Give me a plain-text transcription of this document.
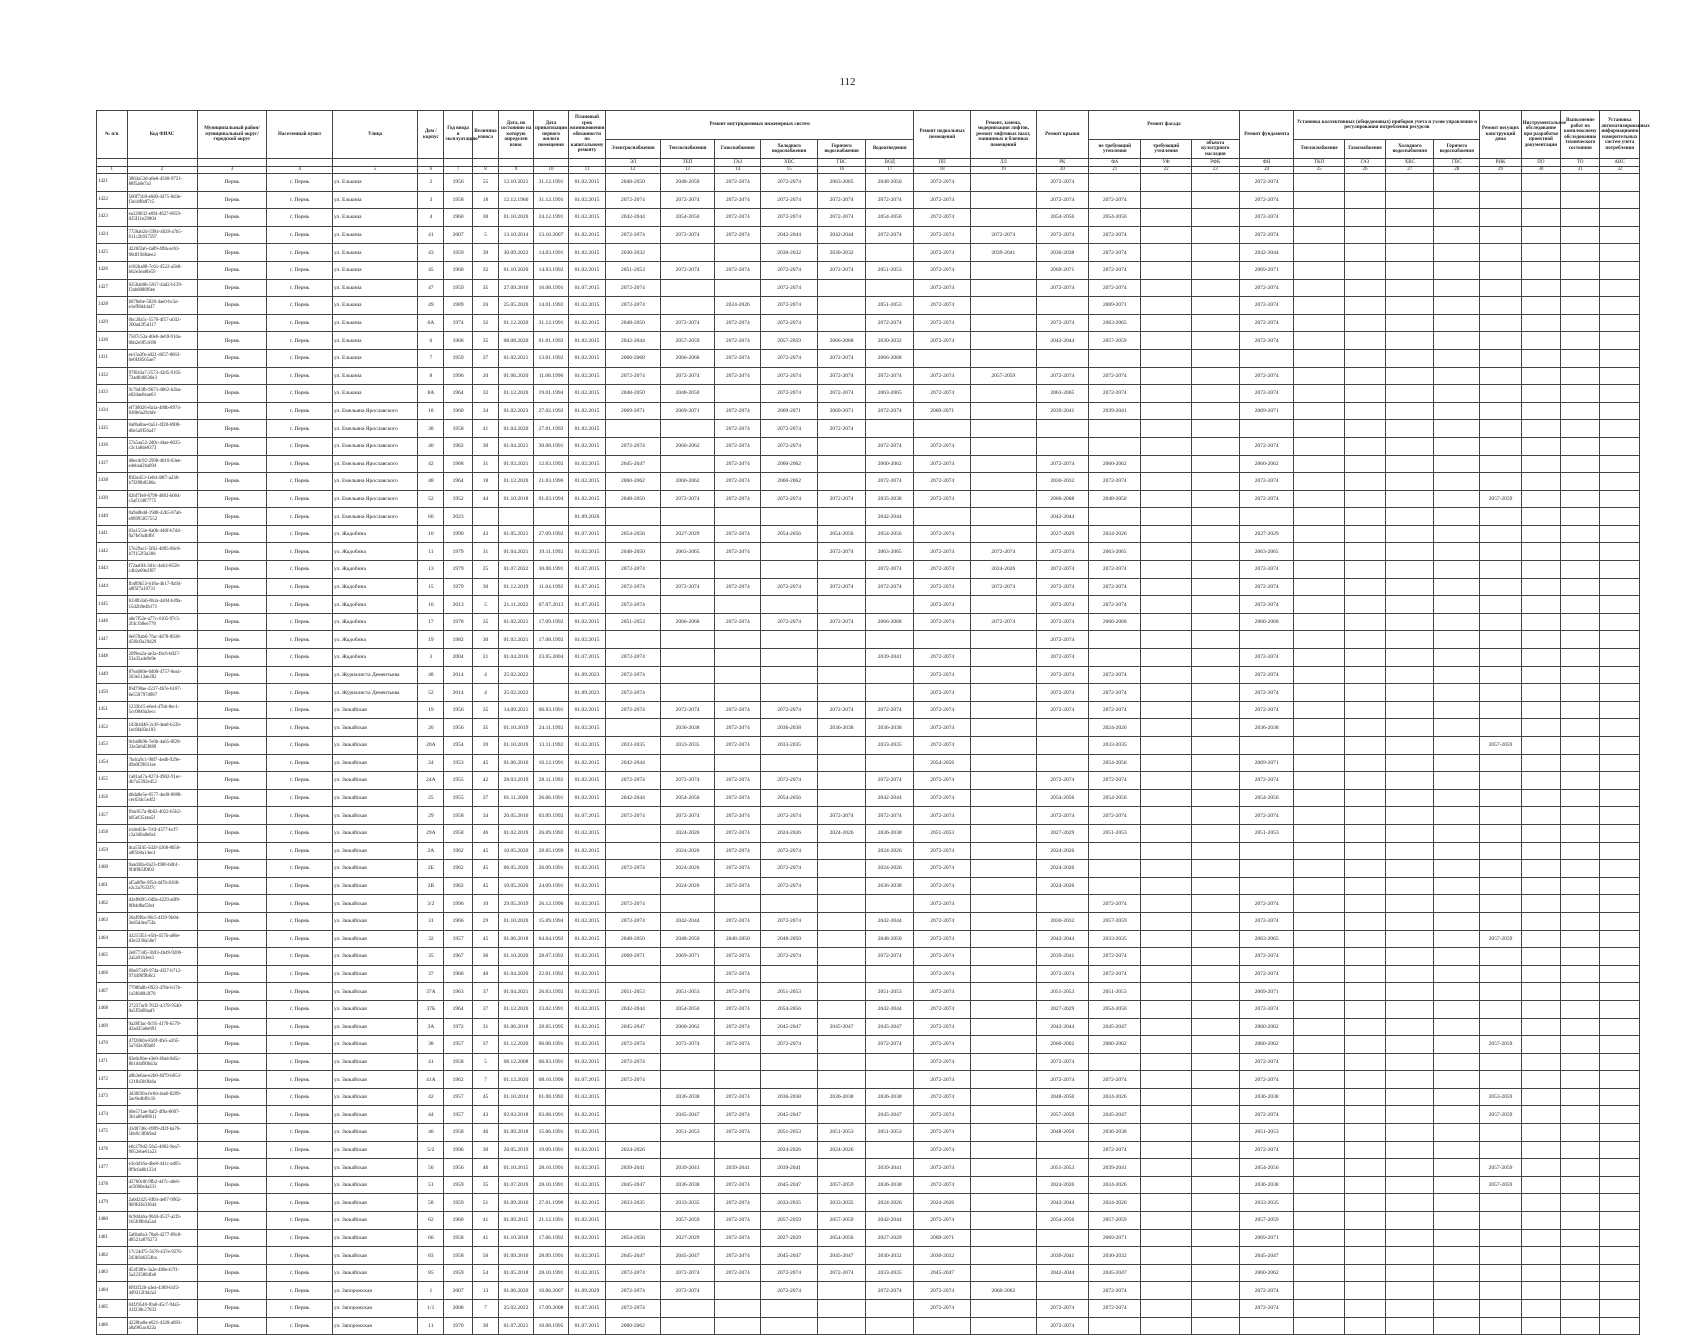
112
№ п/п	Код ФИАС	Муниципальный район/муниципальный округ/городской округ	Населенный пункт	Улица	Дом / корпус	Год ввода в эксплуатацию	Величина износа	Дата, по состоянию на которую определен износ	Дата приватизации первого жилого помещения	Плановый срок возникновения обязанности по капитальному ремонту	Ремонт внутридомовых инженерных систем						Ремонт подвальных помещений	Ремонт, замена, модернизация лифтов, ремонт лифтовых шахт, машинных и блочных помещений	Ремонт крыши	Ремонт фасада			Ремонт фундамента	Установка коллективных (общедомовых) приборов учета и узлов управления и регулирования потребления ресурсов				Ремонт несущих конструкций дома	Инструментальное обследование при разработке проектной документации	Выполнение работ по комплексному обследованию технического состояния	Установка автоматизированных информационно-измерительных систем учета потребления
											Электроснабжения	Теплоснабжения	Газоснабжения	Холодного водоснабжения	Горячего водоснабжения	Водоотведения				не требующий утепления	требующий утепления	объекта культурного наследия		Теплоснабжение	Газоснабжение	Холодного водоснабжения	Горячего водоснабжения				
											ЭЛ	ТЕП	ГАЗ	ХВС	ГВС	ВОД	ПП	ЛЛ	РК	ФА	УФ	РФК	ФН	ТКП	ГАЗ	ХВС	ГВС	РНК	ПО	ТО	АИС
1	2	3	4	5	6	7	8	9	10	11	12	13	14	15	16	17	18	19	20	21	22	23	24	25	26	27	28	29	30	31	32
1421	3864a53d-a8e6-4568-9721-88f5a8e7a3	Пермь	г. Пермь	ул. Елькина	2	1956	55	12.10.2021	31.12.1991	01.02.2015	2048-2050	2048-2050	2072-2074	2072-2074	2063-2065	2048-2050	2072-2074		2072-2074				2072-2074								
1422	560f71b0-e6d0-4475-8d3e-f3e1df0df7c5	Пермь	г. Пермь	ул. Елькина	3	1958	18	12.12.1960	31.12.1991	01.02.2015	2072-2074	2072-2074	2072-2074	2072-2074	2072-2074	2072-2074	2072-2074		2072-2074	2072-2074			2072-2074								
1423	ea120032-e8f4-4627-8659-025f11e29004	Пермь	г. Пермь	ул. Елькина	4	1960	30	01.10.2020	24.12.1991	01.02.2015	2042-2044	2054-2056	2072-2074	2072-2074	2072-2074	2054-2056	2072-2074		2054-2056	2054-2056			2072-2074								
1424	7726ab2d-5994-4028-a7b5-611c2b937597	Пермь	г. Пермь	ул. Елькина	41	2007	5	13.10.2014	13.10.2007	01.02.2015	2072-2074	2072-2074	2072-2074	2042-2044	2042-2044	2072-2074	2072-2074	2072-2074	2072-2074	2072-2074			2072-2074								
1425	4226f2a6-4a89-4f8a-ac63-90df19d8aee2	Пермь	г. Пермь	ул. Елькина	43	1959	39	30.09.2022	14.03.1991	01.02.2015	2030-2032			2030-2032	2030-2032		2072-2074	2039-2041	2036-2038	2072-2074			2042-2044								
1426	e182ba88-7c61-4522-a5b8-b62e3ea8fe59	Пермь	г. Пермь	ул. Елькина	45	1960	32	01.10.2020	14.03.1992	01.02.2015	2051-2053	2072-2074	2072-2074	2072-2074	2072-2074	2051-2053	2072-2074		2069-2071	2072-2074			2069-2071								
1427	0256ab0b-5817-4ad2-b139-f3ab0888f0ee	Пермь	г. Пермь	ул. Елькина	47	1959	35	27.09.2016	16.08.1991	01.07.2015	2072-2074			2072-2074			2072-2074		2072-2074	2072-2074			2072-2074								
1428	b876ebe-5020-4ae0-bc5e-e1eff8d44a47	Пермь	г. Пермь	ул. Елькина	49	1989	26	25.05.2020	14.01.1992	01.02.2015	2072-2074		2024-2026	2072-2074		2051-2053	2072-2074			2069-2071			2072-2074								
1429	6bc28a5c-5576-4f57-a032-260ad2f5d117	Пермь	г. Пермь	ул. Елькина	6А	1974	32	01.12.2020	31.12.1991	01.02.2015	2048-2050	2072-2074	2072-2074	2072-2074		2072-2074	2072-2074		2072-2074	2063-2065			2072-2074								
1430	7587c53a-d0e6-4e69-916a-0bb2e9f51690	Пермь	г. Пермь	ул. Елькина	6	1968	35	08.08.2020	01.01.1992	01.02.2015	2042-2044	2057-2059	2072-2074	2057-2059	2066-2068	2030-2032	2072-2074		2042-2044	2057-2059			2072-2074								
1431	ee13a3fe-a021-4657-8663-6e0f48565ae7	Пермь	г. Пермь	ул. Елькина	7	1959	37	01.02.2021	13.01.1992	01.02.2015	2066-2068	2066-2068	2072-2074	2072-2074	2072-2074	2066-2068															
1432	97f043a7-2573-42d5-9105-73ad6d6636e3	Пермь	г. Пермь	ул. Елькина	8	1996	20	01.06.2020	11.08.1996	01.02.2015	2072-2074	2072-2074	2072-2074	2072-2074	2072-2074	2072-2074	2072-2074	2057-2059	2072-2074	2072-2074			2072-2074								
1433	9c7bd3fb-9673-4062-b2ba-e02dae8eae63	Пермь	г. Пермь	ул. Елькина	8А	1964	32	01.12.2020	19.01.1994	01.02.2015	2048-2050	2048-2050		2072-2074	2072-2074	2063-2065	2072-2074		2063-2065	2072-2074			2072-2074								
1434	ef738026-8a1a-480b-8974-838b6a29cbfe	Пермь	г. Пермь	ул. Емельяна Ярославского	18	1960	34	01.02.2023	27.02.1992	01.02.2015	2069-2071	2069-2071	2072-2074	2069-2071	2069-2071	2072-2074	2069-2071		2039-2041	2039-2041			2069-2071								
1435	6a0ba8ae-0a51-4f20-b908-d6e5a9f56a47	Пермь	г. Пермь	ул. Емельяна Ярославского	38	1958	41	01.04.2020	27.01.1992	01.02.2015			2072-2074	2072-2074	2072-2074																
1436	57a5aa52-2d0c-44ae-8025-c3c1a8de8373	Пермь	г. Пермь	ул. Емельяна Ярославского	40	1962	30	01.04.2021	30.08.1991	01.02.2015	2072-2074	2060-2062	2072-2074	2072-2074		2072-2074	2072-2074						2072-2074								
1437	d8ecdc92-2998-4818-83ee-e4ebad2ba894	Пермь	г. Пермь	ул. Емельяна Ярославского	42	1968	31	01.03.2021	12.03.1992	01.02.2015	2045-2047		2072-2074	2060-2062		2060-2062	2072-2074		2072-2074	2060-2062			2060-2062								
1438	ffd3e453-1e0d-48f7-a238-b7f2f8b0580a	Пермь	г. Пермь	ул. Емельяна Ярославского	48	1964	18	01.12.2020	21.03.1996	01.02.2015	2060-2062	2060-2062	2072-2074	2060-2062		2072-2074	2072-2074		2030-2032	2072-2074			2072-2074								
1439	02bf7fe8-6798-4883-b004-c5af13487775	Пермь	г. Пермь	ул. Емельяна Ярославского	52	1952	44	01.10.2018	01.03.1994	01.02.2015	2048-2050	2072-2074	2072-2074	2072-2074	2072-2074	2035-2038	2072-2074		2066-2068	2048-2050			2072-2074					2057-2059			
1440	0a9a8bdd-19d8-42b5-87a6-e98995857552	Пермь	г. Пермь	ул. Емельяна Ярославского	60	2023				01.09.2026						2042-2044			2042-2044												
1441	63a1551e-6a0b-446f-b7d4-0a7fe9a4bf6f	Пермь	г. Пермь	ул. Жадобина	10	1990	43	01.05.2021	27.09.1992	01.07.2015	2054-2056	2027-2029	2072-2074	2054-2056	2054-2056	2054-2056	2072-2074		2027-2029	2024-2026			2027-2029								
1442	57e29ac1-5f62-4895-86c8-b7f152f3a38d	Пермь	г. Пермь	ул. Жадобина	11	1979	31	01.04.2021	19.11.1992	01.02.2015	2048-2050	2063-2065	2072-2074		2072-2074	2063-2065	2072-2074	2072-2074	2072-2074	2063-2065			2063-2065								
1443	f72aa6f4-3d1c-4eb3-8558-c4b2e00e2f07	Пермь	г. Пермь	ул. Жадобина	13	1979	25	01.07.2022	30.08.1991	01.07.2015	2072-2074					2072-2074	2072-2074	2024-2026	2072-2074	2072-2074			2072-2074								
1444	fb489b53-b18a-4b17-9a94-a0f5f7a10731	Пермь	г. Пермь	ул. Жадобина	15	1979	30	01.12.2019	11.04.1992	01.07.2015	2072-2074	2072-2074	2072-2074	2072-2074	2072-2074	2072-2074	2072-2074	2072-2074	2072-2074	2072-2074			2072-2074								
1445	b330b3a6-0b1a-4a94-b49a-15d2b9e4b171	Пермь	г. Пермь	ул. Жадобина	16	2013	5	21.11.2022	07.07.2013	01.07.2015	2072-2074						2072-2074		2072-2074	2072-2074			2072-2074								
1446	a6e7f52e-a77c-4105-97c5-2f4c1b8ee778	Пермь	г. Пермь	ул. Жадобина	17	1978	35	01.02.2021	17.09.1992	01.02.2015	2051-2053	2066-2068	2072-2074	2072-2074	2072-2074	2066-2068	2072-2074	2072-2074	2072-2074	2066-2068			2066-2068								
1447	0e678ab6-7fac-4d78-8938-d5f0d3a29d29	Пермь	г. Пермь	ул. Жадобина	19	1982	30	01.02.2021	17.08.1992	01.02.2015									2072-2074												
1448	20f9ea2a-ae3a-4bc6-b027-53a35a4e9e9e	Пермь	г. Пермь	ул. Жадобина	3	2004	21	01.04.2016	23.05.2004	01.07.2015	2072-2074					2039-2041	2072-2074		2072-2074				2072-2074								
1449	87ea680e-0d00-4757-8ea1-563e513ae282	Пермь	г. Пермь	ул. Журналиста Дементьева	48	2014	4	25.02.2022		01.09.2023	2072-2074						2072-2074		2072-2074	2072-2074			2072-2074								
1450	f6d790ae-2227-4b7e-b187-6e558797d987	Пермь	г. Пермь	ул. Журналиста Дементьева	52	2014	4	25.02.2022		01.09.2023	2072-2074						2072-2074		2072-2074	2072-2074			2072-2074								
1451	1233b15-e6e4-47bb-8ec1-5cc0846a3ecc	Пермь	г. Пермь	ул. Зюкайская	19	1956	35	14.09.2021	06.03.1991	01.02.2015	2072-2074	2072-2074	2072-2074	2072-2074	2072-2074	2072-2074	2072-2074		2072-2074	2072-2074			2072-2074								
1452	1d3b4d46-2c3f-4ea8-b22b-1ec8fa83e103	Пермь	г. Пермь	ул. Зюкайская	20	1956	35	01.10.2019	24.11.1992	01.02.2015		2036-2038	2072-2074	2036-2038	2036-2038	2036-2038	2072-2074			2024-2026			2036-2038								
1453	0cba0b9b-7e0b-4a65-8f28-32e5b6d5f889	Пермь	г. Пермь	ул. Зюкайская	20А	1954	39	01.10.2019	13.11.1992	01.02.2015	2033-2035	2033-2035	2072-2074	2033-2035		2033-2035	2072-2074			2033-2035								2057-2059			
1454	7bdca9c1-98f7-4ed6-929e-d9a0f29831ee	Пермь	г. Пермь	ул. Зюкайская	24	1953	45	01.06.2016	16.12.1991	01.02.2015	2042-2044						2054-2056			2054-2056			2069-2071								
1455	1a81a47a-8274-4902-91ec-4b7a5392e452	Пермь	г. Пермь	ул. Зюкайская	24А	1955	42	28.03.2019	28.11.1992	01.02.2015	2072-2074	2072-2074	2072-2074	2072-2074		2072-2074	2072-2074		2072-2074	2072-2074			2072-2074								
1456	d6da8e5e-0577-4ed0-8688-cec034c5e4f2	Пермь	г. Пермь	ул. Зюкайская	25	1955	37	01.11.2020	26.06.1991	01.02.2015	2042-2044	2054-2056	2072-2074	2054-2056		2042-2044	2072-2074		2054-2056	2054-2056			2054-2056								
1457	f9ac657a-0b62-4022-b5b2-b05ef354ea5f	Пермь	г. Пермь	ул. Зюкайская	29	1958	34	20.05.2016	03.09.1992	01.07.2015	2072-2074	2072-2074	2072-2074	2072-2074	2072-2074	2072-2074	2072-2074		2072-2074	2072-2074			2072-2074								
1458	e1ded5fe-7c6f-4377-bcf7-c2a3d6a8e6a1	Пермь	г. Пермь	ул. Зюкайская	29А	1958	46	01.02.2019	26.09.1992	01.02.2015		2024-2026	2072-2074	2024-2026	2024-2026	2036-2038	2051-2053		2027-2029	2051-2053			2051-2053								
1459	dca55f45-5d2f-4368-8058-a8f5b8a14ec4	Пермь	г. Пермь	ул. Зюкайская	2А	1962	45	10.05.2020	28.05.1999	01.02.2015		2024-2026	2072-2074	2072-2074		2024-2026	2072-2074		2024-2026												
1460	9aad30a-0a23-4900-b0b1-9f4f8b5f0f03	Пермь	г. Пермь	ул. Зюкайская	2Б	1962	45	06.05.2020	26.09.1991	01.02.2015	2072-2074	2024-2026	2072-2074	2072-2074		2024-2026	2072-2074		2024-2026												
1461	af5a8f9e-9f5d-4d7b-8268-e2c2a7633f7c	Пермь	г. Пермь	ул. Зюкайская	2В	1962	45	10.05.2020	24.09.1991	01.02.2015		2024-2026	2072-2074	2072-2074		2036-2038	2072-2074		2024-2026												
1462	d2ef8095-0d9a-4229-a0f8-8f84d8af5fe4	Пермь	г. Пермь	ул. Зюкайская	3/2	1996	10	29.05.2019	26.12.1996	01.02.2015	2072-2074						2072-2074			2072-2074			2072-2074								
1463	26af9f8a-96c5-4f29-9b0d-3ed5d4ea75fa	Пермь	г. Пермь	ул. Зюкайская	31	1966	29	01.10.2020	15.09.1994	01.02.2015	2072-2074	2042-2044	2072-2074	2072-2074		2042-2044	2072-2074		2030-2032	2057-2059			2072-2074								
1464	43215f51-e5fe-457b-a68e-d3e2236a58e7	Пермь	г. Пермь	ул. Зюкайская	32	1957	45	01.06.2018	04.04.1992	01.02.2015	2048-2050	2048-2050	2048-2050	2048-2050		2048-2050	2072-2074		2042-2044	2033-2035			2063-2065					2057-2059			
1465	2e8773d5-3b93-4b49-9206-2a5a91b3ee3	Пермь	г. Пермь	ул. Зюкайская	35	1967	36	01.10.2020	28.07.1992	01.02.2015	2069-2071	2069-2071	2072-2074	2072-2074		2072-2074	2072-2074		2039-2041	2072-2074			2072-2074								
1466	60a67349-974a-4f27-b712-9744f6f9b8c2	Пермь	г. Пермь	ул. Зюкайская	37	1966	40	01.04.2020	22.01.1992	01.02.2015			2072-2074				2072-2074		2072-2074	2072-2074			2072-2074								
1467	7798fa8b-0923-478e-b17b-1a3f6d6b3f70	Пермь	г. Пермь	ул. Зюкайская	37А	1963	37	01.04.2021	26.03.1992	01.02.2015	2051-2053	2051-2053	2072-2074	2051-2053		2051-2053	2072-2074		2051-2053	2051-2053			2069-2071								
1468	27237ac9-7632-4378-9540-0a5f5b08aaf1	Пермь	г. Пермь	ул. Зюкайская	37Б	1964	37	01.12.2020	23.02.1991	01.02.2015	2042-2044	2054-2056	2072-2074	2054-2056		2042-2044	2072-2074		2027-2029	2054-2056			2072-2074								
1469	9a28f3ac-9c95-4170-b579-d2ad35a6e691	Пермь	г. Пермь	ул. Зюкайская	3А	1972	31	01.06.2018	28.05.1995	01.02.2015	2045-2047	2060-2062	2072-2074	2045-2047	2045-2047	2045-2047	2072-2074		2042-2044	2045-2047			2060-2062								
1470	47f28b0a-850f-4fe5-a265-5a7d3e3f0a0f	Пермь	г. Пермь	ул. Зюкайская	38	1957	37	01.12.2020	06.08.1991	01.02.2015	2072-2074	2072-2074	2072-2074	2072-2074		2072-2074	2072-2074		2060-2062	2060-2062			2060-2062					2057-2059			
1471	83e6c8be-e3e0-46ad-8d5c-8b1d4d90bd3a	Пермь	г. Пермь	ул. Зюкайская	41	1958	5	08.12.2008	06.03.1991	01.02.2015	2072-2074						2072-2074		2072-2074				2072-2074								
1472	a9b3e6ae-e2b0-4079-b053-1218d3b9fa6a	Пермь	г. Пермь	ул. Зюкайская	41А	1962	7	01.12.2020	08.10.1996	01.07.2015	2072-2074						2072-2074		2072-2074	2072-2074			2072-2074								
1473	3d36f30a-0c6d-4ea6-8289-5ec8e4bf6c1b	Пермь	г. Пермь	ул. Зюкайская	42	1957	45	01.10.2014	01.08.1992	01.02.2015		2036-2038	2072-2074	2036-2038	2036-2038	2036-2038	2072-2074		2048-2050	2024-2026			2036-2038					2053-2059			
1474	b0e571ae-9af2-4f8a-8607-3b1a06e08611	Пермь	г. Пермь	ул. Зюкайская	44	1957	43	02.03.2018	03.08.1991	01.02.2015		2045-2047	2072-2074	2045-2047		2045-2047	2072-2074		2057-2059	2045-2047			2072-2074					2057-2059			
1475	43d0746c-0999-4f2f-ba76-5bb9c3f0b9ad	Пермь	г. Пермь	ул. Зюкайская	46	1958	46	01.09.2018	15.06.1991	01.02.2015		2051-2053	2072-2074	2051-2053	2051-2053	2051-2053	2072-2074		2048-2050	2036-2038			2051-2053								
1476	e6c279d2-5fa5-4802-9ea7-9052ebe61a23	Пермь	г. Пермь	ул. Зюкайская	5/2	1996	30	20.05.2019	19.09.1991	01.02.2015	2024-2026			2024-2026	2024-2026		2072-2074			2072-2074			2072-2074								
1477	e3cdd16a-dbe8-441c-ad05-0f9c6a8b1234	Пермь	г. Пермь	ул. Зюкайская	50	1956	46	01.10.2015	28.10.1991	01.02.2015	2039-2041	2039-2041	2039-2041	2039-2041		2039-2041	2072-2074		2051-2053	2039-2041			2054-2056					2057-2059			
1478	d2760c0f-9fb2-447c-a0e6-ac5066e4a331	Пермь	г. Пермь	ул. Зюкайская	51	1959	35	01.07.2019	28.10.1991	01.02.2015	2045-2047	2036-2038	2072-2074	2045-2047	2057-2059	2036-2038	2072-2074		2024-2026	2024-2026			2036-2038					2057-2059			
1479	2a0d2425-8f04-4e07-9962-0b9fd3d33644	Пермь	г. Пермь	ул. Зюкайская	58	1959	51	01.09.2016	27.01.1990	01.02.2015	2033-2035	2033-2035	2072-2074	2033-2035	2033-2035	2024-2026	2024-2026		2042-2044	2024-2026			2033-2035								
1480	6c9d4aba-9044-4537-a2f3-1b5fd9b6a5ad	Пермь	г. Пермь	ул. Зюкайская	62	1960	41	01.09.2015	21.12.1991	01.02.2015		2057-2059	2072-2074	2057-2059	2057-2059	2042-2044	2072-2074		2054-2056	2057-2059			2057-2059								
1481	5a6ba0a3-78a8-4277-89c8-d8521a876273	Пермь	г. Пермь	ул. Зюкайская	66	1958	41	01.10.2018	17.06.1992	01.02.2015	2054-2056	2027-2029	2072-2074	2027-2029	2054-2056	2027-2029	2069-2071			2069-2071			2069-2071								
1482	17c24d75-5b78-437e-9276-2d3b9a6254ba	Пермь	г. Пермь	ул. Зюкайская	83	1958	50	01.09.2016	28.09.1991	01.02.2015	2045-2047	2045-2047	2072-2074	2045-2047	2045-2047	2030-2032	2030-2032		2039-2041	2030-2032			2045-2047								
1483	d54f38fe-3a2e-480e-b7f1-5a2235804fa8	Пермь	г. Пермь	ул. Зюкайская	85	1959	54	01.05.2018	28.10.1991	01.02.2015	2072-2074	2072-2074	2072-2074	2072-2074	2072-2074	2033-2035	2045-2047		2042-2044	2045-2047			2060-2062								
1484	6f03f32b-a3ea-4389-b1f3-4d9312f4d2a3	Пермь	г. Пермь	ул. Запорожская	1	2007	13	01.06.2020	16.06.2007	01.09.2029	2072-2074	2072-2074		2072-2074		2072-2074	2072-2074	2060-2062		2072-2074			2072-2074								
1485	64f29540-f0a0-45c7-94a5-41f238c27833	Пермь	г. Пермь	ул. Запорожская	1/1	2008	7	25.02.2022	17.09.2008	01.07.2015	2072-2074						2072-2074		2072-2074	2072-2074			2072-2074								
1486	4220ba0a-e021-4328-a893-a8a985ac622a	Пермь	г. Пермь	ул. Запорожская	11	1970	30	01.07.2021	10.08.1995	01.07.2015	2060-2062								2072-2074												
